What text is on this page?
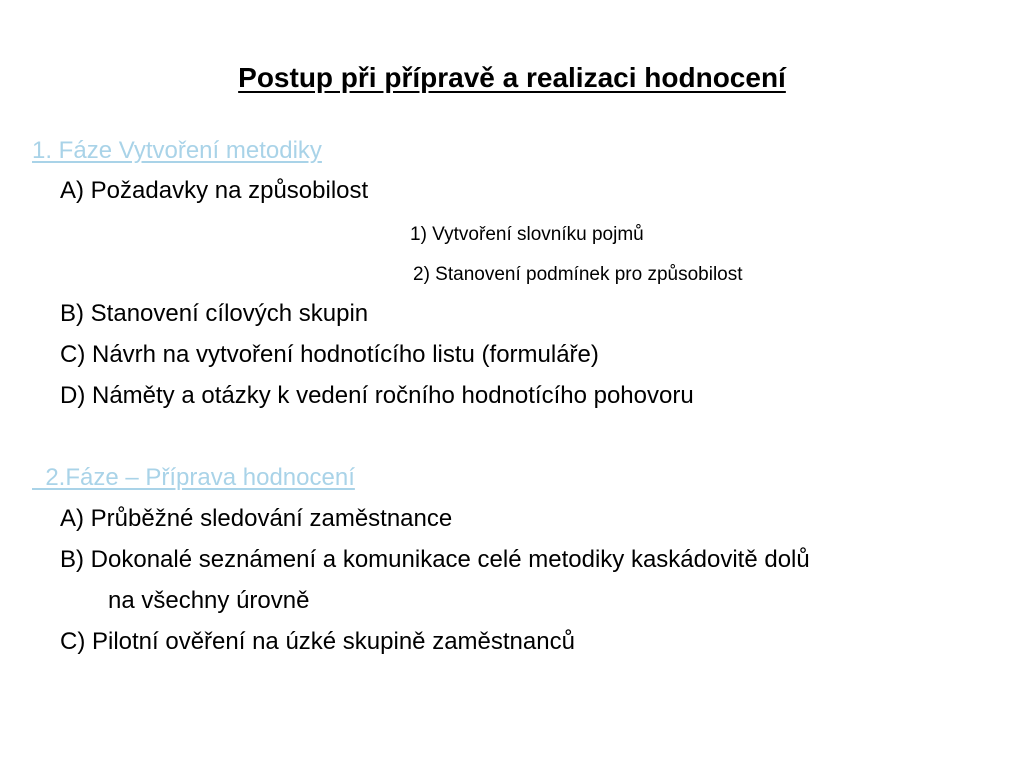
Postup při přípravě a realizaci hodnocení
1. Fáze Vytvoření metodiky
A) Požadavky na způsobilost
1) Vytvoření slovníku pojmů
2) Stanovení podmínek pro způsobilost
B) Stanovení cílových skupin
C) Návrh na vytvoření hodnotícího listu (formuláře)
D) Náměty a otázky k vedení ročního hodnotícího pohovoru
2.Fáze – Příprava hodnocení
A) Průběžné sledování zaměstnance
B) Dokonalé seznámení a komunikace celé metodiky kaskádovitě dolů
na všechny úrovně
C) Pilotní ověření na úzké skupině zaměstnanců
